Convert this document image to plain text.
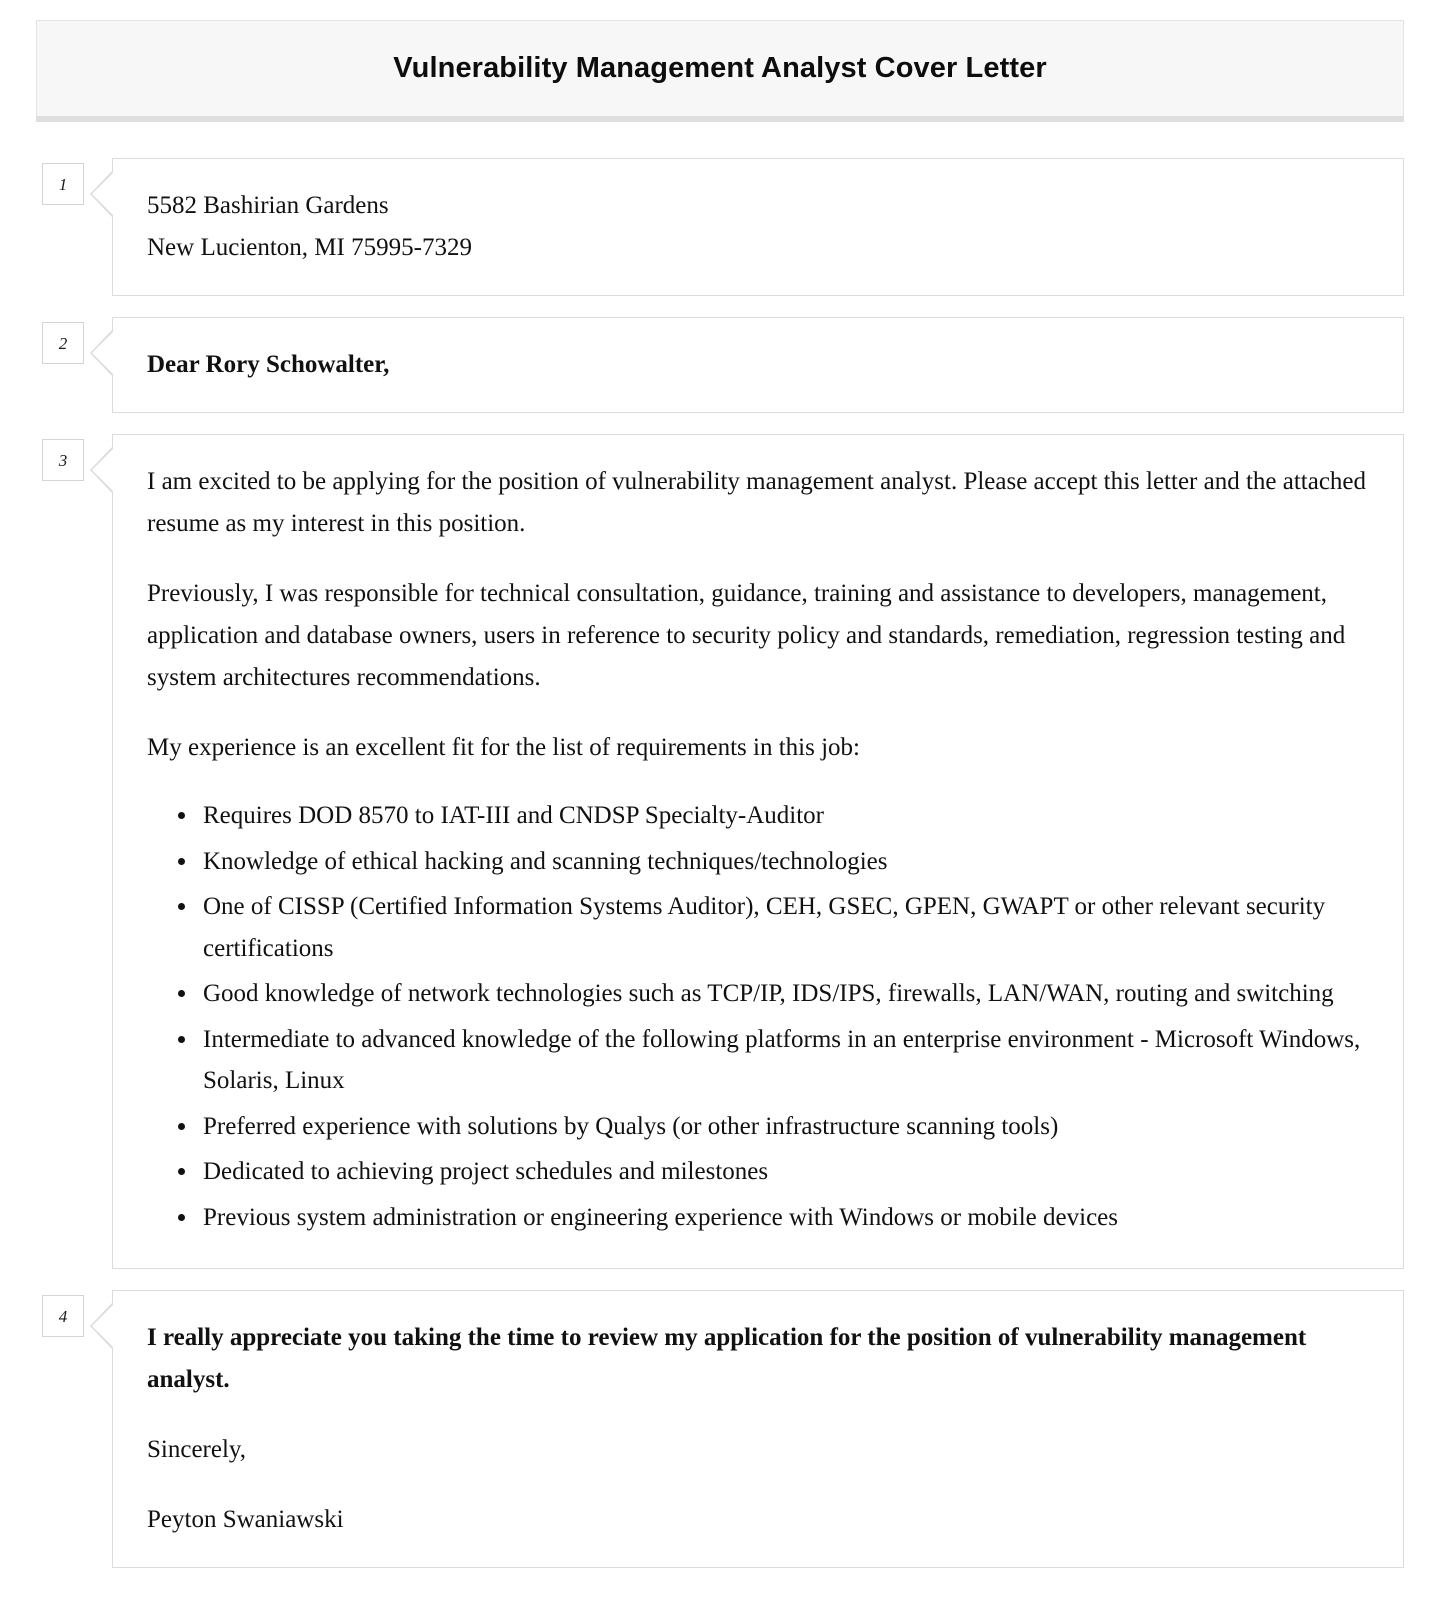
Vulnerability Management Analyst Cover Letter
1

5582 Bashirian Gardens
New Lucienton, MI 75995-7329

2

Dear Rory Schowalter,

3

I am excited to be applying for the position of vulnerability management analyst. Please accept this letter and the attached resume as my interest in this position.

Previously, I was responsible for technical consultation, guidance, training and assistance to developers, management, application and database owners, users in reference to security policy and standards, remediation, regression testing and system architectures recommendations.

My experience is an excellent fit for the list of requirements in this job:

• Requires DOD 8570 to IAT-III and CNDSP Specialty-Auditor
• Knowledge of ethical hacking and scanning techniques/technologies
• One of CISSP (Certified Information Systems Auditor), CEH, GSEC, GPEN, GWAPT or other relevant security certifications
• Good knowledge of network technologies such as TCP/IP, IDS/IPS, firewalls, LAN/WAN, routing and switching
• Intermediate to advanced knowledge of the following platforms in an enterprise environment - Microsoft Windows, Solaris, Linux
• Preferred experience with solutions by Qualys (or other infrastructure scanning tools)
• Dedicated to achieving project schedules and milestones
• Previous system administration or engineering experience with Windows or mobile devices
4

I really appreciate you taking the time to review my application for the position of vulnerability management analyst.

Sincerely,

Peyton Swaniawski
